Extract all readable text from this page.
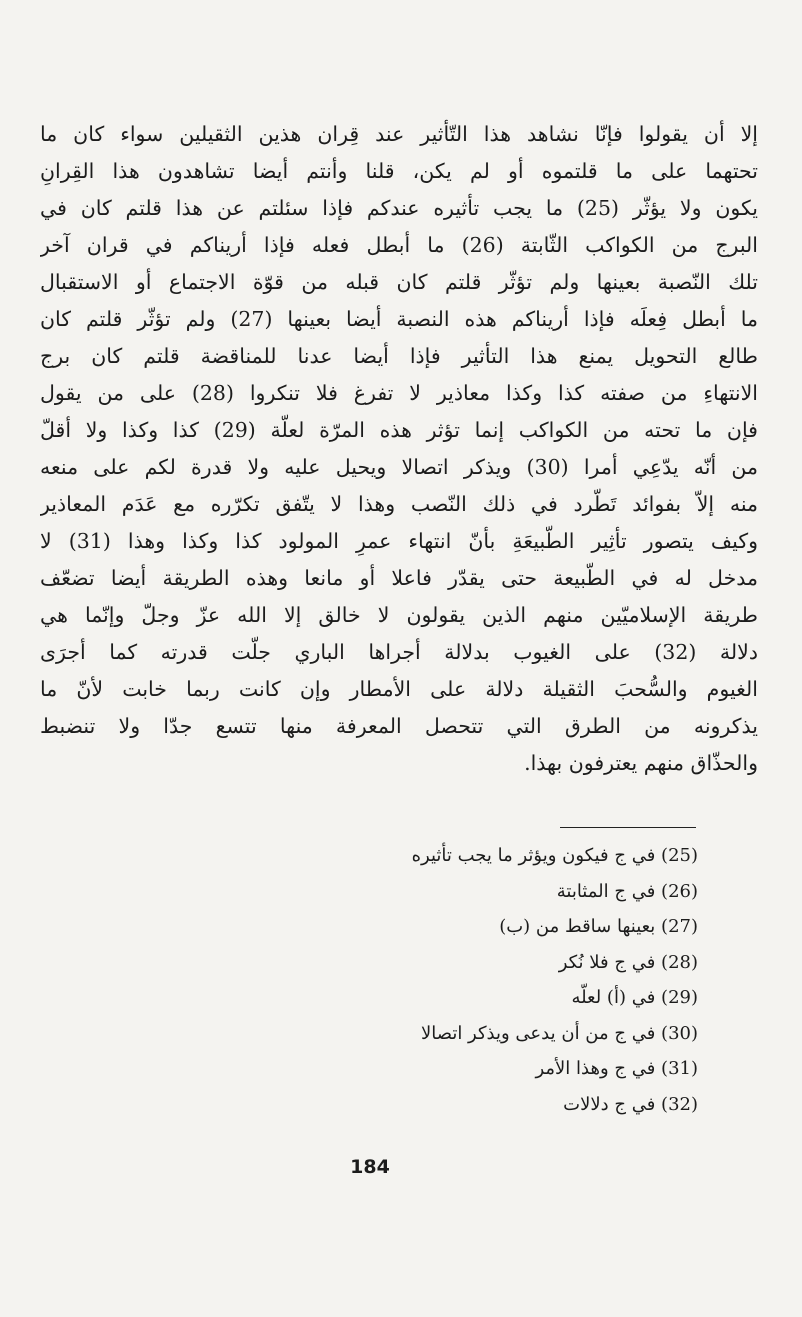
إلا أن يقولوا فإنّا نشاهد هذا التّأثير عند قِران هذين الثقيلين سواء كان ما
تحتهما على ما قلتموه أو لم يكن، قلنا وأنتم أيضا تشاهدون هذا القِرانِ
يكون ولا يؤثّر (25) ما يجب تأثيره عندكم فإذا سئلتم عن هذا قلتم كان في
البرج من الكواكب الثّابتة (26) ما أبطل فعله فإذا أريناكم في قران آخر
تلك النّصبة بعينها ولم تؤثّر قلتم كان قبله من قوّة الاجتماع أو الاستقبال
ما أبطل فِعلَه فإذا أريناكم هذه النصبة أيضا بعينها (27) ولم تؤثّر قلتم كان
طالع التحويل يمنع هذا التأثير فإذا أيضا عدنا للمناقضة قلتم كان برج
الانتهاءِ من صفته كذا وكذا معاذير لا تفرغ فلا تنكروا (28) على من يقول
فإن ما تحته من الكواكب إنما تؤثر هذه المرّة لعلّة (29) كذا وكذا ولا أقلّ
من أنّه يدّعِي أمرا (30) ويذكر اتصالا ويحيل عليه ولا قدرة لكم على منعه
منه إلاّ بفوائد تَطّرد في ذلك النّصب وهذا لا يتّفق تكرّره مع عَدَم المعاذير
وكيف يتصور تأثِير الطّبيعَةِ بأنّ انتهاء عمرِ المولود كذا وكذا وهذا (31) لا
مدخل له في الطّبيعة حتى يقدّر فاعلا أو مانعا وهذه الطريقة أيضا تضعّف
طريقة الإسلاميّين منهم الذين يقولون لا خالق إلا الله عزّ وجلّ وإنّما هي
دلالة (32) على الغيوب بدلالة أجراها الباري جلّت قدرته كما أجرَى
الغيوم والسُّحبَ الثقيلة دلالة على الأمطار وإن كانت ربما خابت لأنّ ما
يذكرونه من الطرق التي تتحصل المعرفة منها تتسع جدّا ولا تنضبط
والحذّاق منهم يعترفون بهذا.
(25) في ج فيكون ويؤثر ما يجب تأثيره
(26) في ج المثابتة
(27) بعينها ساقط من (ب)
(28) في ج فلا نُكر
(29) في (أ) لعلّه
(30) في ج من أن يدعى ويذكر اتصالا
(31) في ج وهذا الأمر
(32) في ج دلالات
184
